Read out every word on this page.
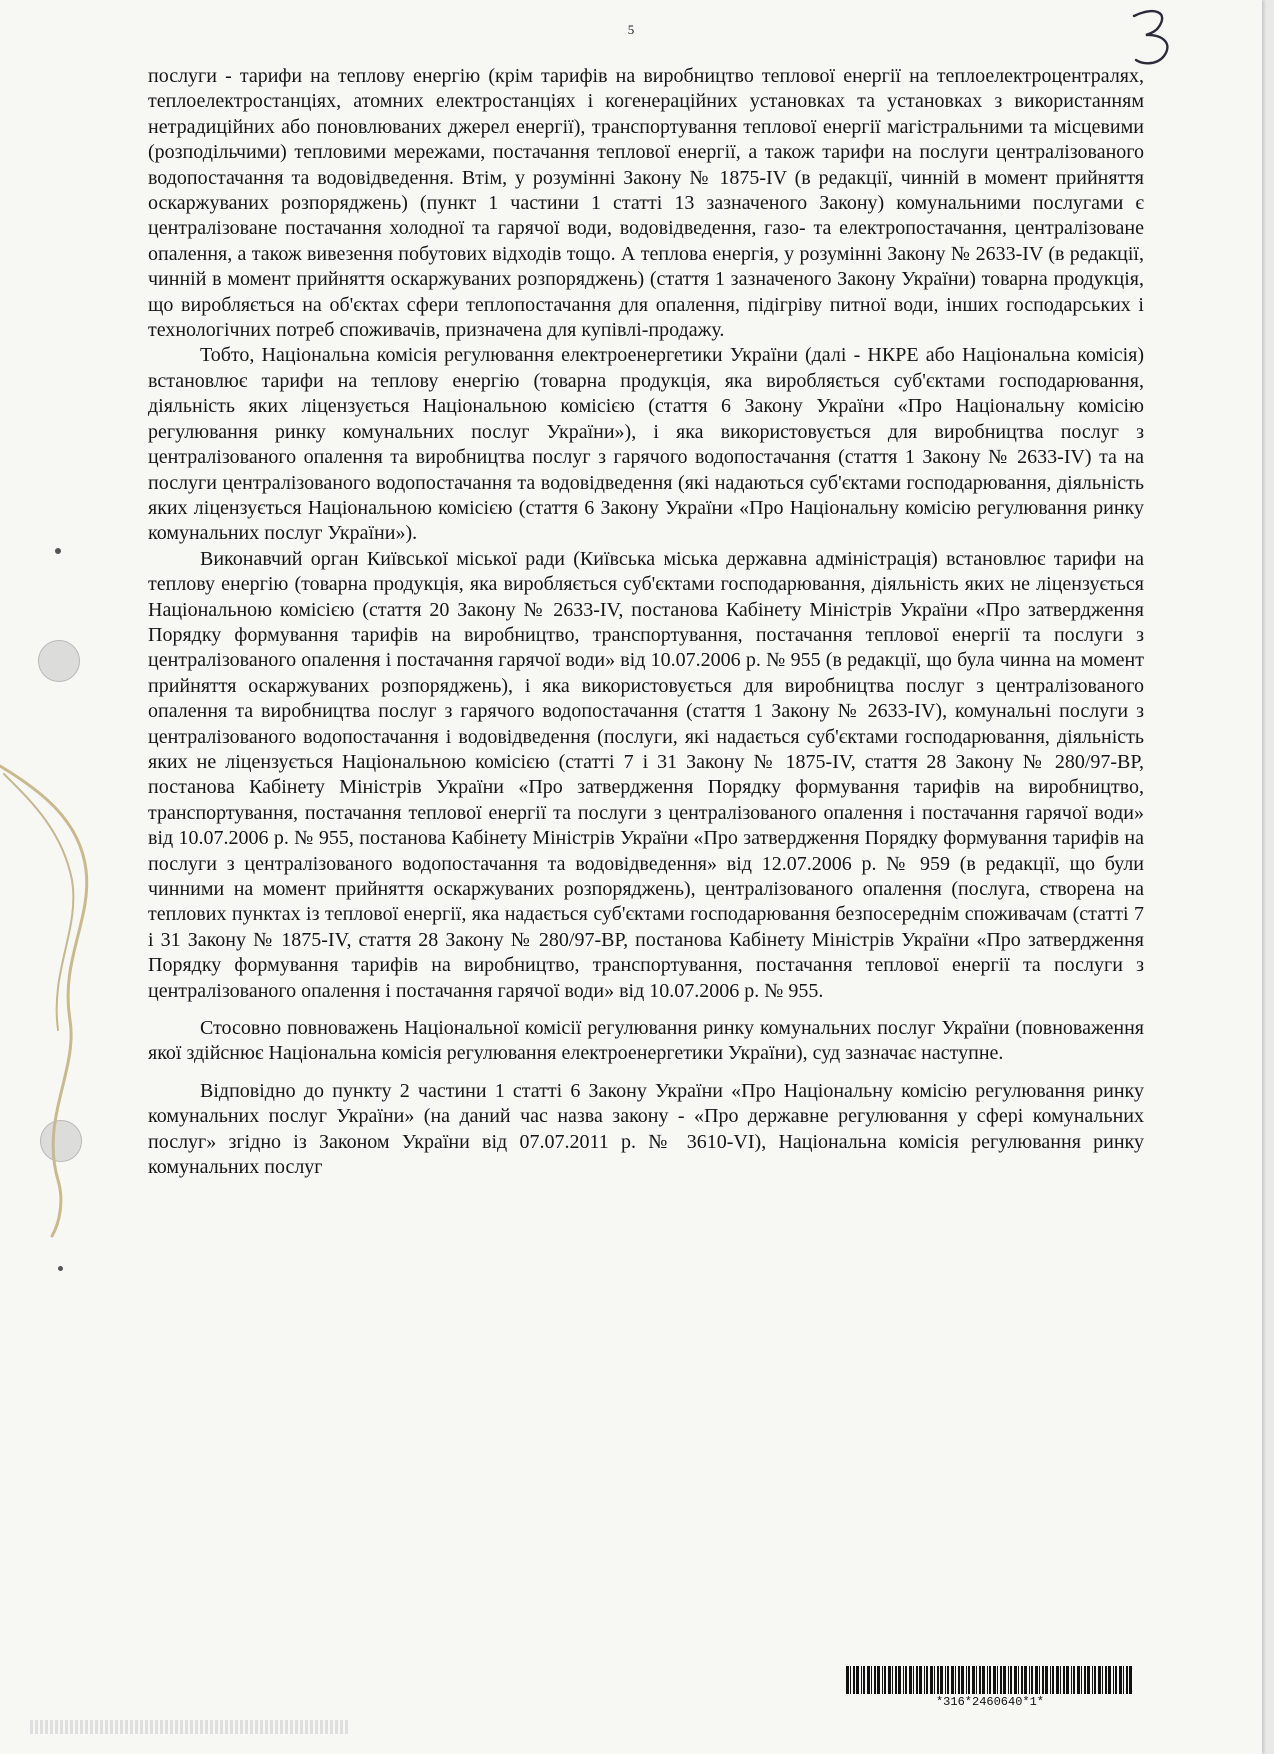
5

послуги - тарифи на теплову енергію (крім тарифів на виробництво теплової енергії на теплоелектроцентралях, теплоелектростанціях, атомних електростанціях і когенераційних установках та установках з використанням нетрадиційних або поновлюваних джерел енергії), транспортування теплової енергії магістральними та місцевими (розподільчими) тепловими мережами, постачання теплової енергії, а також тарифи на послуги централізованого водопостачання та водовідведення. Втім, у розумінні Закону № 1875-IV (в редакції, чинній в момент прийняття оскаржуваних розпоряджень) (пункт 1 частини 1 статті 13 зазначеного Закону) комунальними послугами є централізоване постачання холодної та гарячої води, водовідведення, газо- та електропостачання, централізоване опалення, а також вивезення побутових відходів тощо. А теплова енергія, у розумінні Закону № 2633-IV (в редакції, чинній в момент прийняття оскаржуваних розпоряджень) (стаття 1 зазначеного Закону України) товарна продукція, що виробляється на об'єктах сфери теплопостачання для опалення, підігріву питної води, інших господарських і технологічних потреб споживачів, призначена для купівлі-продажу.

Тобто, Національна комісія регулювання електроенергетики України (далі - НКРЕ або Національна комісія) встановлює тарифи на теплову енергію (товарна продукція, яка виробляється суб'єктами господарювання, діяльність яких ліцензується Національною комісією (стаття 6 Закону України «Про Національну комісію регулювання ринку комунальних послуг України»), і яка використовується для виробництва послуг з централізованого опалення та виробництва послуг з гарячого водопостачання (стаття 1 Закону № 2633-IV) та на послуги централізованого водопостачання та водовідведення (які надаються суб'єктами господарювання, діяльність яких ліцензується Національною комісією (стаття 6 Закону України «Про Національну комісію регулювання ринку комунальних послуг України»).

Виконавчий орган Київської міської ради (Київська міська державна адміністрація) встановлює тарифи на теплову енергію (товарна продукція, яка виробляється суб'єктами господарювання, діяльність яких не ліцензується Національною комісією (стаття 20 Закону № 2633-IV, постанова Кабінету Міністрів України «Про затвердження Порядку формування тарифів на виробництво, транспортування, постачання теплової енергії та послуги з централізованого опалення і постачання гарячої води» від 10.07.2006 р. № 955 (в редакції, що була чинна на момент прийняття оскаржуваних розпоряджень), і яка використовується для виробництва послуг з централізованого опалення та виробництва послуг з гарячого водопостачання (стаття 1 Закону № 2633-IV), комунальні послуги з централізованого водопостачання і водовідведення (послуги, які надається суб'єктами господарювання, діяльність яких не ліцензується Національною комісією (статті 7 і 31 Закону № 1875-IV, стаття 28 Закону № 280/97-ВР, постанова Кабінету Міністрів України «Про затвердження Порядку формування тарифів на виробництво, транспортування, постачання теплової енергії та послуги з централізованого опалення і постачання гарячої води» від 10.07.2006 р. № 955, постанова Кабінету Міністрів України «Про затвердження Порядку формування тарифів на послуги з централізованого водопостачання та водовідведення» від 12.07.2006 р. № 959 (в редакції, що були чинними на момент прийняття оскаржуваних розпоряджень), централізованого опалення (послуга, створена на теплових пунктах із теплової енергії, яка надається суб'єктами господарювання безпосереднім споживачам (статті 7 і 31 Закону № 1875-IV, стаття 28 Закону № 280/97-ВР, постанова Кабінету Міністрів України «Про затвердження Порядку формування тарифів на виробництво, транспортування, постачання теплової енергії та послуги з централізованого опалення і постачання гарячої води» від 10.07.2006 р. № 955.

Стосовно повноважень Національної комісії регулювання ринку комунальних послуг України (повноваження якої здійснює Національна комісія регулювання електроенергетики України), суд зазначає наступне.

Відповідно до пункту 2 частини 1 статті 6 Закону України «Про Національну комісію регулювання ринку комунальних послуг України» (на даний час назва закону - «Про державне регулювання у сфері комунальних послуг» згідно із Законом України від 07.07.2011 р. № 3610-VI), Національна комісія регулювання ринку комунальних послуг

*316*2460640*1*
